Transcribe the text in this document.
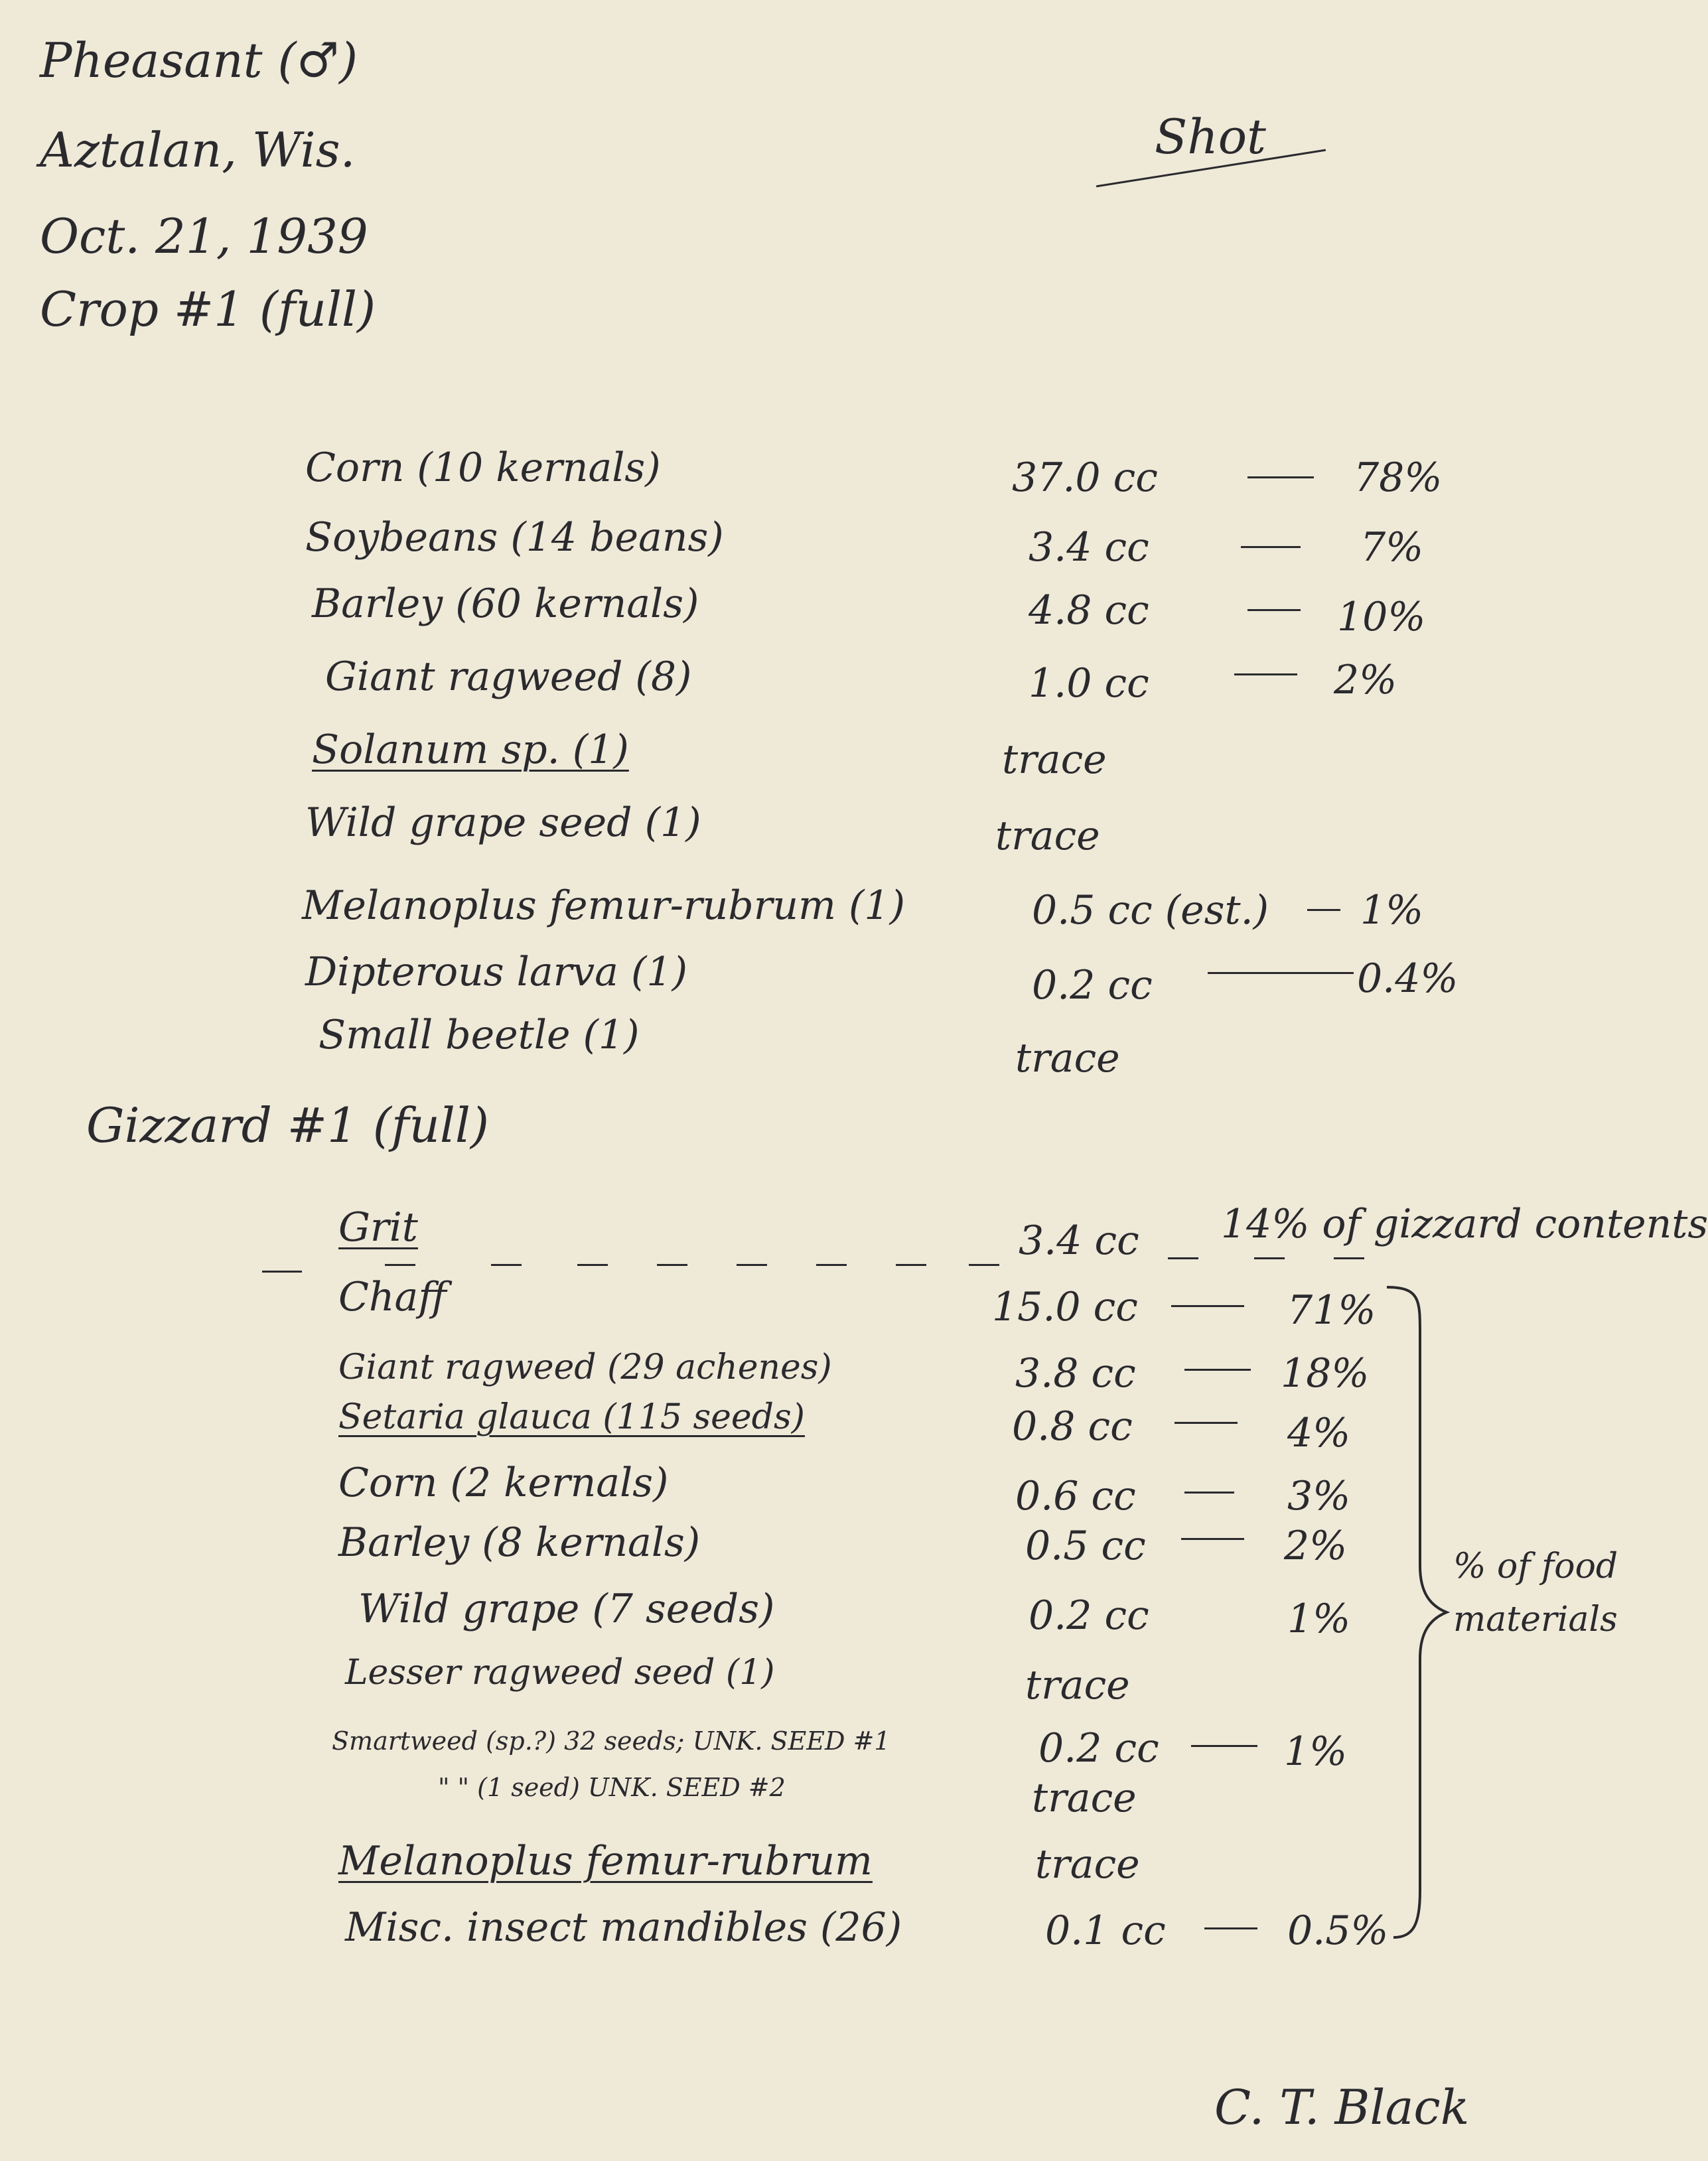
Pheasant (♂)
Aztalan, Wis.
Oct. 21, 1939
Crop #1 (full)
Shot
Corn (10 kernals)	37.0 cc	78%
Soybeans (14 beans)	3.4 cc	7%
Barley (60 kernals)	4.8 cc	10%
Giant ragweed (8)	1.0 cc	2%
Solanum sp. (1)	trace
Wild grape seed (1)	trace
Melanoplus femur-rubrum (1)	0.5 cc (est.) 1%
Dipterous larva (1)	0.2 cc	0.4%
Small beetle (1)	trace
Gizzard #1 (full)
Grit	3.4 cc 14% of gizzard contents
Chaff	15.0 cc	71%
Giant ragweed (29 achenes)	3.8 cc	18%
Setaria glauca (115 seeds)	0.8 cc	4%
Corn (2 kernals)	0.6 cc	3%
Barley (8 kernals)	0.5 cc	2%
Wild grape (7 seeds)	0.2 cc	1%
Lesser ragweed seed (1)	trace
Smartweed (sp.?) 32 seeds; UNK. SEED #1	0.2 cc	1%
" " (1 seed) UNK. SEED #2	trace
Melanoplus femur-rubrum	trace
Misc. insect mandibles (26)	0.1 cc	0.5%
% of food
materials
C. T. Black
